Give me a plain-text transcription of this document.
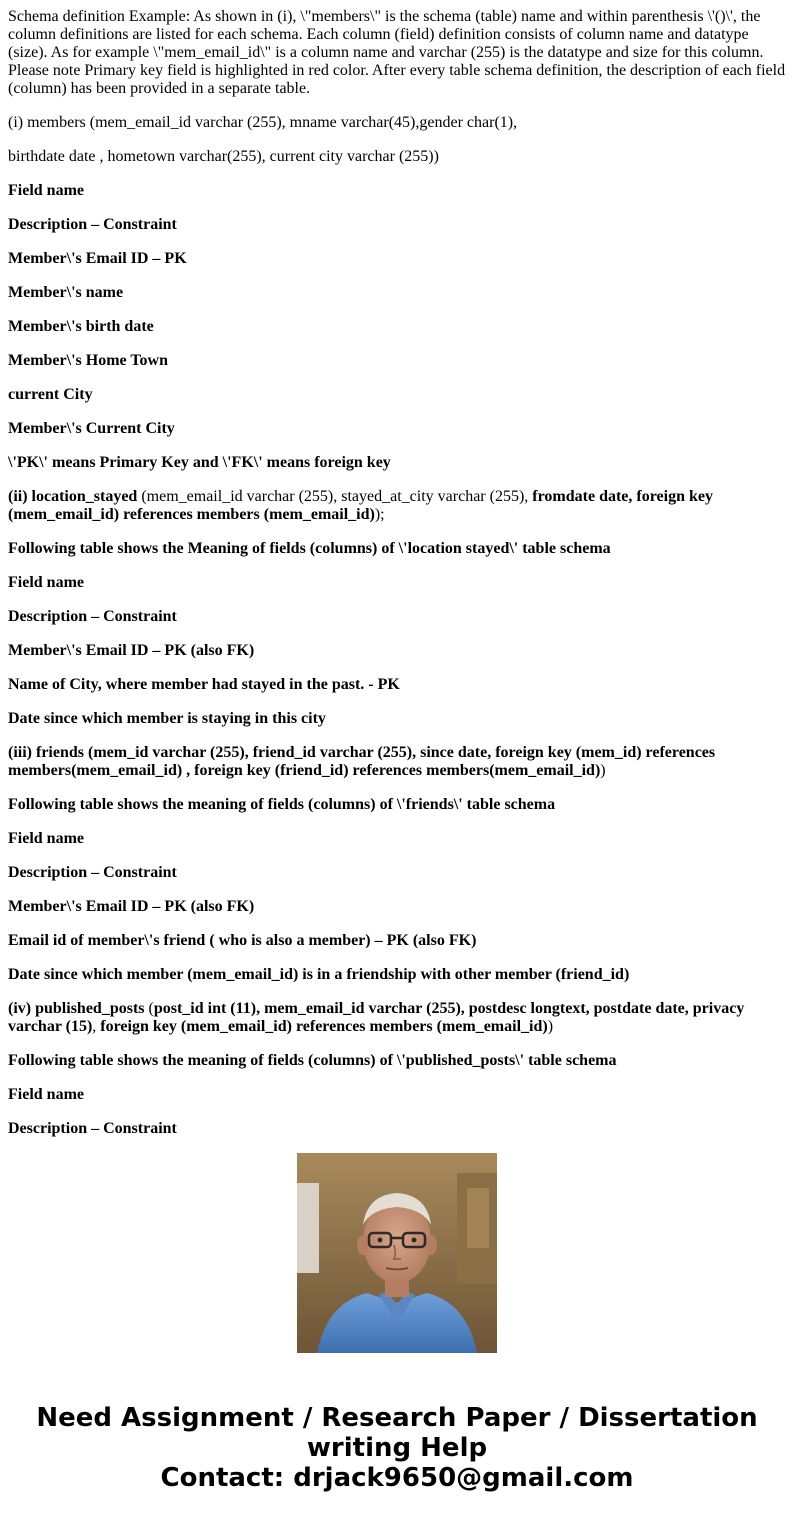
Schema definition Example: As shown in (i), \"members\" is the schema (table) name and within parenthesis \'()\', the column definitions are listed for each schema. Each column (field) definition consists of column name and datatype (size). As for example \"mem_email_id\" is a column name and varchar (255) is the datatype and size for this column. Please note Primary key field is highlighted in red color. After every table schema definition, the description of each field (column) has been provided in a separate table.

(i) members (mem_email_id varchar (255), mname varchar(45),gender char(1),

birthdate date , hometown varchar(255), current city varchar (255))

Field name

Description – Constraint

Member\'s Email ID – PK

Member\'s name

Member\'s birth date

Member\'s Home Town

current City

Member\'s Current City

\'PK\' means Primary Key and \'FK\' means foreign key

(ii) location_stayed (mem_email_id varchar (255), stayed_at_city varchar (255), fromdate date, foreign key (mem_email_id) references members (mem_email_id));

Following table shows the Meaning of fields (columns) of \'location stayed\' table schema

Field name

Description – Constraint

Member\'s Email ID – PK (also FK)

Name of City, where member had stayed in the past. - PK

Date since which member is staying in this city

(iii) friends (mem_id varchar (255), friend_id varchar (255), since date, foreign key (mem_id) references members(mem_email_id) , foreign key (friend_id) references members(mem_email_id))

Following table shows the meaning of fields (columns) of \'friends\' table schema

Field name

Description – Constraint

Member\'s Email ID – PK (also FK)

Email id of member\'s friend ( who is also a member) – PK (also FK)

Date since which member (mem_email_id) is in a friendship with other member (friend_id)

(iv) published_posts (post_id int (11), mem_email_id varchar (255), postdesc longtext, postdate date, privacy varchar (15), foreign key (mem_email_id) references members (mem_email_id))

Following table shows the meaning of fields (columns) of \'published_posts\' table schema

Field name

Description – Constraint

Need Assignment / Research Paper / Dissertation
writing Help
Contact: drjack9650@gmail.com
